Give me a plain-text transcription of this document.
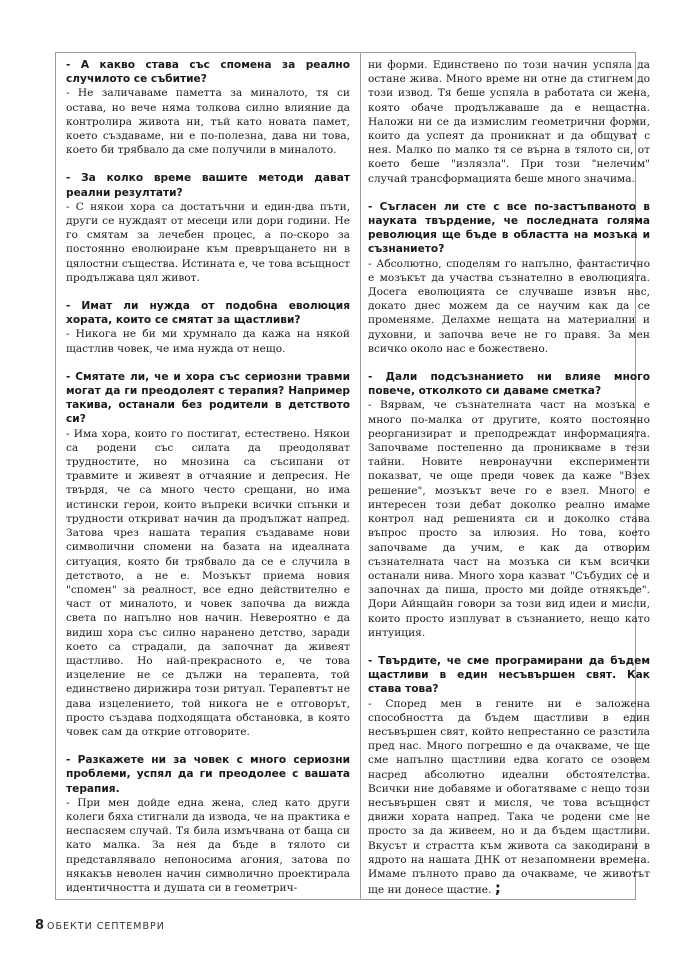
- А какво става със спомена за реално случилото се събитие?

- Не заличаваме паметта за миналото, тя си остава, но вече няма толкова силно влияние да контролира живота ни, тъй като новата памет, което създаваме, ни е по-полезна, дава ни това, което би трябвало да сме получили в миналото.

- За колко време вашите методи дават реални резултати?

- С някои хора са достатъчни и един-два пъти, други се нуждаят от месеци или дори години. Не го смятам за лечебен процес, а по-скоро за постоянно еволюиране към превръщането ни в цялостни същества. Истината е, че това всъщност продължава цял живот.

- Имат ли нужда от подобна еволюция хората, които се смятат за щастливи?

- Никога не би ми хрумнало да кажа на някой щастлив човек, че има нужда от нещо.

- Смятате ли, че и хора със сериозни травми могат да ги преодолеят с терапия? Например такива, останали без родители в детството си?

- Има хора, които го постигат, естествено. Някои са родени със силата да преодоляват трудностите, но мнозина са съсипани от травмите и живеят в отчаяние и депресия. Не твърдя, че са много често срещани, но има истински герои, които въпреки всички спънки и трудности откриват начин да продължат напред. Затова чрез нашата терапия създаваме нови символични спомени на базата на идеалната ситуация, която би трябвало да се е случила в детството, а не е. Мозъкът приема новия "спомен" за реалност, все едно действително е част от миналото, и човек започва да вижда света по напълно нов начин. Невероятно е да видиш хора със силно наранено детство, заради което са страдали, да започнат да живеят щастливо. Но най-прекрасното е, че това изцеление не се дължи на терапевта, той единствено дирижира този ритуал. Терапевтът не дава изцелението, той никога не е отговорът, просто създава подходящата обстановка, в която човек сам да открие отговорите.

- Разкажете ни за човек с много сериозни проблеми, успял да ги преодолее с вашата терапия.

- При мен дойде една жена, след като други колеги бяха стигнали да извода, че на практика е неспасяем случай. Тя била измъчвана от баща си като малка. За нея да бъде в тялото си представлявало непоносима агония, затова по някакъв неволен начин символично проектирала идентичността и душата си в геометрич-

ни форми. Единствено по този начин успяла да остане жива. Много време ни отне да стигнем до този извод. Тя беше успяла в работата си жена, която обаче продължаваше да е нещастна. Наложи ни се да измислим геометрични форми, които да успеят да проникнат и да общуват с нея. Малко по малко тя се върна в тялото си, от което беше "излязла". При този "нелечим" случай трансформацията беше много значима.

- Съгласен ли сте с все по-застъпваното в науката твърдение, че последната голяма революция ще бъде в областта на мозъка и съзнанието?

- Абсолютно, споделям го напълно, фантастично е мозъкът да участва съзнателно в еволюцията. Досега еволюцията се случваше извън нас, докато днес можем да се научим как да се променяме. Делахме нещата на материални и духовни, и започва вече не го правя. За мен всичко около нас е божествено.

- Дали подсъзнанието ни влияе много повече, отколкото си даваме сметка?

- Вярвам, че съзнателната част на мозъка е много по-малка от другите, която постоянно реорганизират и преподреждат информацията. Започваме постепенно да проникваме в тези тайни. Новите невронаучни експерименти показват, че още преди човек да каже "Взех решение", мозъкът вече го е взел. Много е интересен този дебат доколко реално имаме контрол над решенията си и доколко става въпрос просто за илюзия. Но това, което започваме да учим, е как да отворим съзнателната част на мозъка си към всички останали нива. Много хора казват "Събудих се и започнах да пиша, просто ми дойде отнякъде". Дори Айнщайн говори за този вид идеи и мисли, които просто изплуват в съзнанието, нещо като интуиция.

- Твърдите, че сме програмирани да бъдем щастливи в един несъвършен свят. Как става това?

- Според мен в гените ни е заложена способността да бъдем щастливи в един несъвършен свят, който непрестанно се разстила пред нас. Много погрешно е да очакваме, че ще сме напълно щастливи едва когато се озовем насред абсолютно идеални обстоятелства. Всички ние добавяме и обогатяваме с нещо този несъвършен свят и мисля, че това всъщност движи хората напред. Така че родени сме не просто за да живеем, но и да бъдем щастливи. Вкусът и страстта към живота са закодирани в ядрото на нашата ДНК от незапомнени времена. Имаме пълното право да очакваме, че животът ще ни донесе щастие. ;

8 ОБЕКТИ СЕПТЕМВРИ
